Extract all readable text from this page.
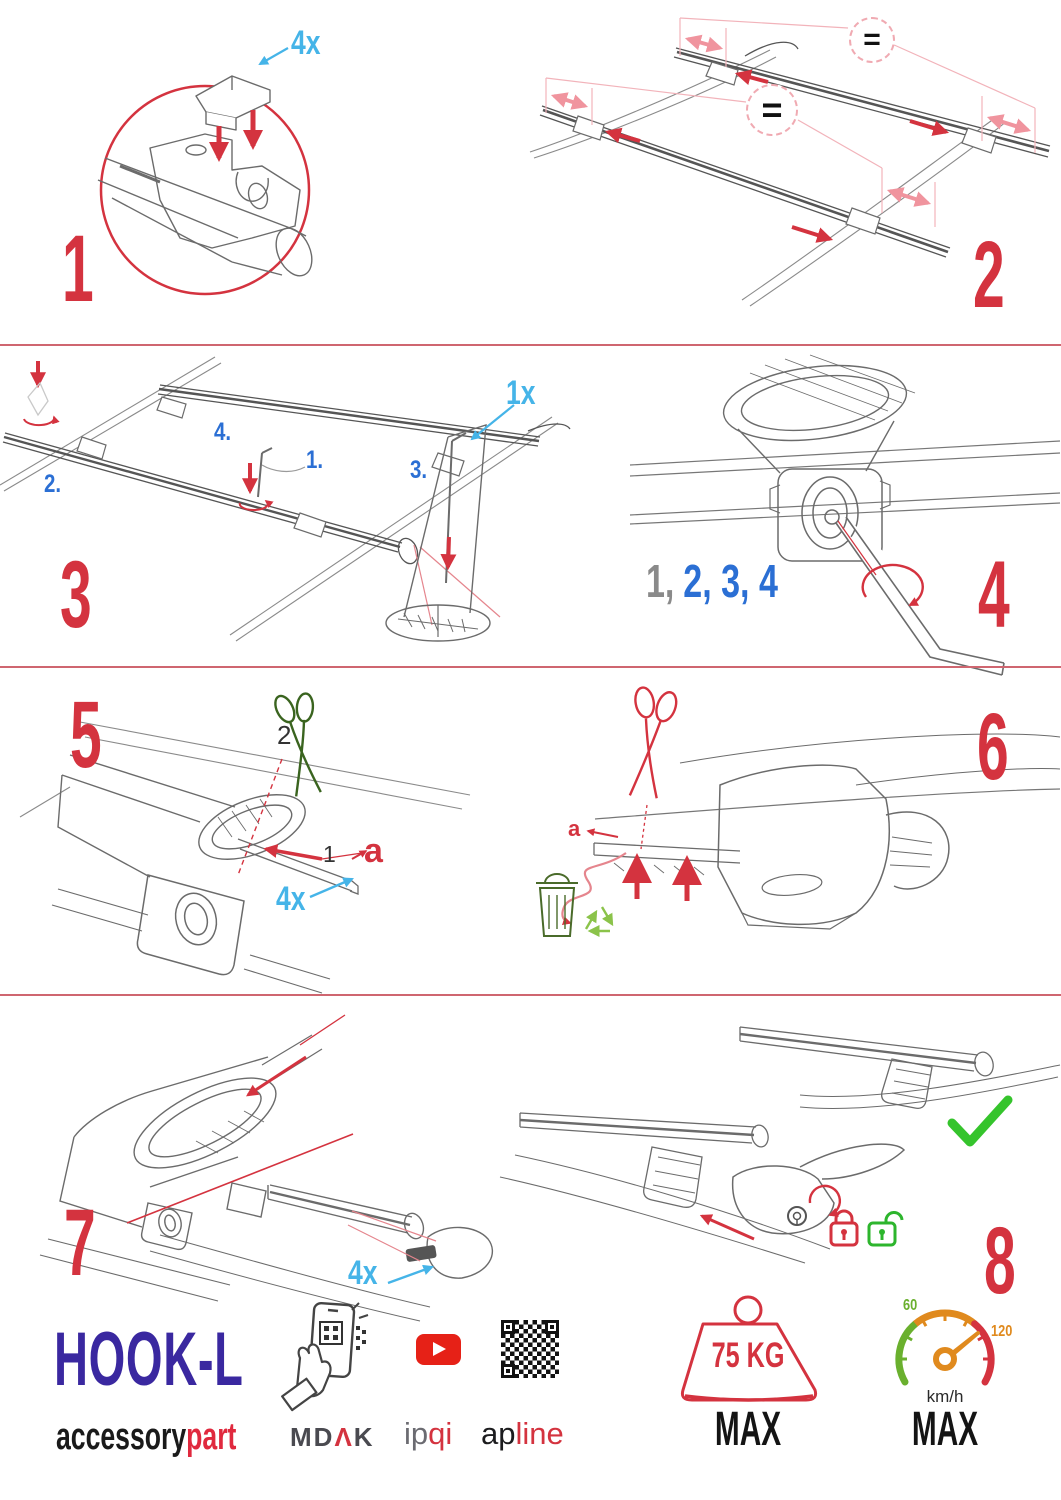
1
4x
2
=
=
3
1.
2.	3.
4.
1x
1, 2, 3, 4 4
5	2
1 a
4x
a
6
7	4x	8
HOOK-L
accessorypart MDΛK ipqi apline
75 KG
MAX
60
120
km/h
MAX
